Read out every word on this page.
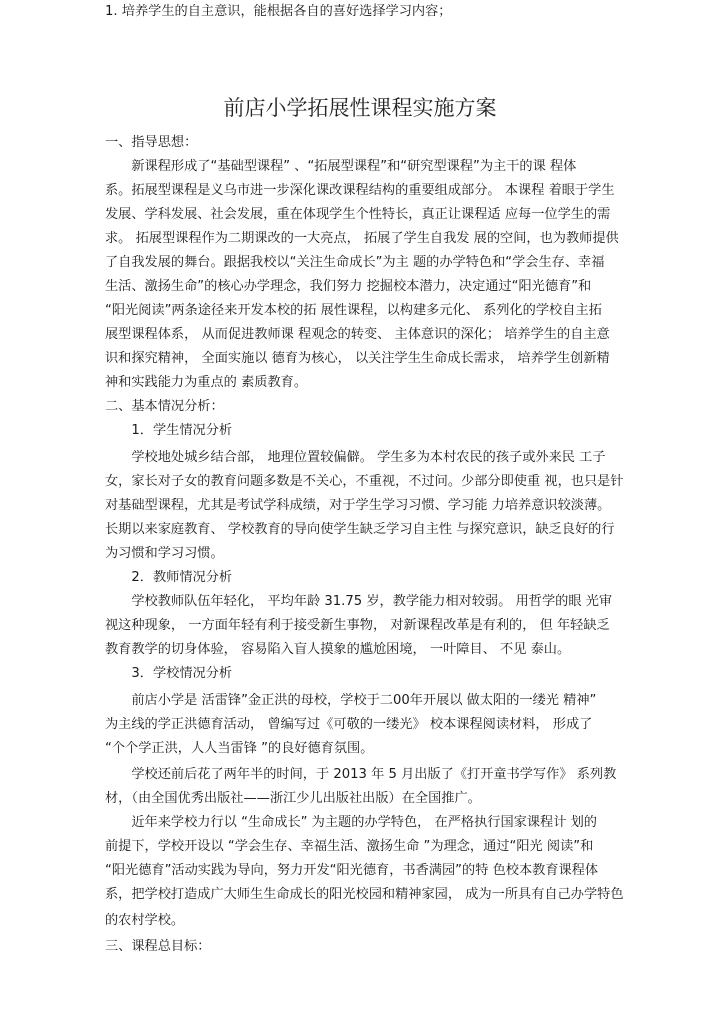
前店小学拓展性课程实施方案
一、指导思想：
　　新课程形成了“基础型课程” 、“拓展型课程”和“研究型课程”为主干的课 程体
系。拓展型课程是义乌市进一步深化课改课程结构的重要组成部分。 本课程 着眼于学生
发展、学科发展、社会发展，重在体现学生个性特长，真正让课程适 应每一位学生的需
求。 拓展型课程作为二期课改的一大亮点， 拓展了学生自我发 展的空间，也为教师提供
了自我发展的舞台。跟据我校以“关注生命成长”为主 题的办学特色和“学会生存、幸福
生活、激扬生命”的核心办学理念，我们努力 挖掘校本潜力，决定通过“阳光德育”和
“阳光阅读”两条途径来开发本校的拓 展性课程，以构建多元化、 系列化的学校自主拓
展型课程体系， 从而促进教师课 程观念的转变、 主体意识的深化； 培养学生的自主意
识和探究精神， 全面实施以 德育为核心， 以关注学生生命成长需求， 培养学生创新精
神和实践能力为重点的 素质教育。
二、基本情况分析：
　　1．学生情况分析
　　学校地处城乡结合部， 地理位置较偏僻。 学生多为本村农民的孩子或外来民 工子
女，家长对子女的教育问题多数是不关心，不重视，不过问。少部分即使重 视，也只是针
对基础型课程，尤其是考试学科成绩，对于学生学习习惯、学习能 力培养意识较淡薄。
长期以来家庭教育、 学校教育的导向使学生缺乏学习自主性 与探究意识，缺乏良好的行
为习惯和学习习惯。
　　2．教师情况分析
　　学校教师队伍年轻化， 平均年龄 31.75 岁，教学能力相对较弱。 用哲学的眼 光审
视这种现象， 一方面年轻有利于接受新生事物， 对新课程改革是有利的， 但 年轻缺乏
教育教学的切身体验， 容易陷入盲人摸象的尴尬困境， 一叶障目、 不见 泰山。
　　3．学校情况分析
　　前店小学是 活雷锋”金正洪的母校，学校于二00年开展以 做太阳的一缕光 精神”
为主线的学正洪德育活动， 曾编写过《可敬的一缕光》 校本课程阅读材料， 形成了
“个个学正洪，人人当雷锋 ”的良好德育氛围。
　　学校还前后花了两年半的时间，于 2013 年 5 月出版了《打开童书学写作》 系列教
材，（由全国优秀出版社——浙江少儿出版社出版）在全国推广。
　　近年来学校力行以 “生命成长” 为主题的办学特色， 在严格执行国家课程计 划的
前提下，学校开设以 “学会生存、幸福生活、激扬生命 ”为理念，通过“阳光 阅读”和
“阳光德育”活动实践为导向，努力开发“阳光德育，书香满园”的特 色校本教育课程体
系，把学校打造成广大师生生命成长的阳光校园和精神家园， 成为一所具有自己办学特色
的农村学校。
三、课程总目标：
1. 培养学生的自主意识，能根据各自的喜好选择学习内容；
